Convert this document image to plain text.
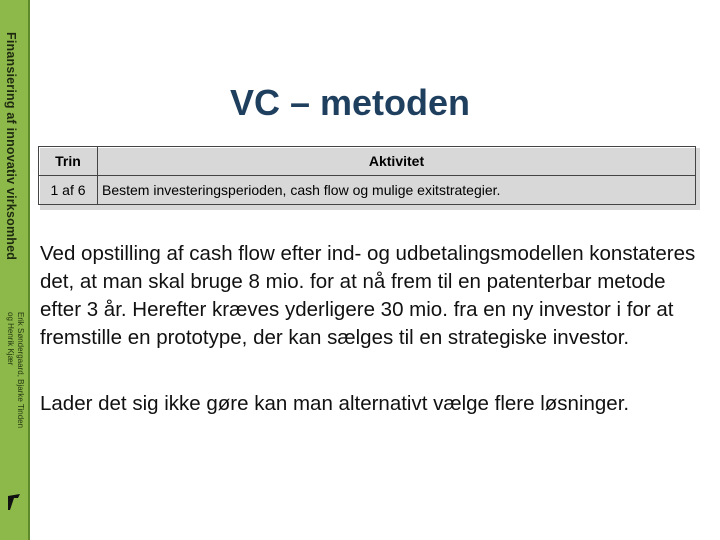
Finansiering af innovativ virksomhed
Erik Søndergaard, Bjarke Tinden
og Henrik Kjær
VC – metoden
Trin	Aktivitet
1 af 6	Bestem investeringsperioden, cash flow og mulige exitstrategier.

Ved opstilling af cash flow efter ind- og udbetalingsmodellen konstateres det, at man skal bruge 8 mio. for at nå frem til en patenterbar metode efter 3 år. Herefter kræves yderligere 30 mio. fra en ny investor i for at fremstille en prototype, der kan sælges til en strategiske investor.

Lader det sig ikke gøre kan man alternativt vælge flere løsninger.
